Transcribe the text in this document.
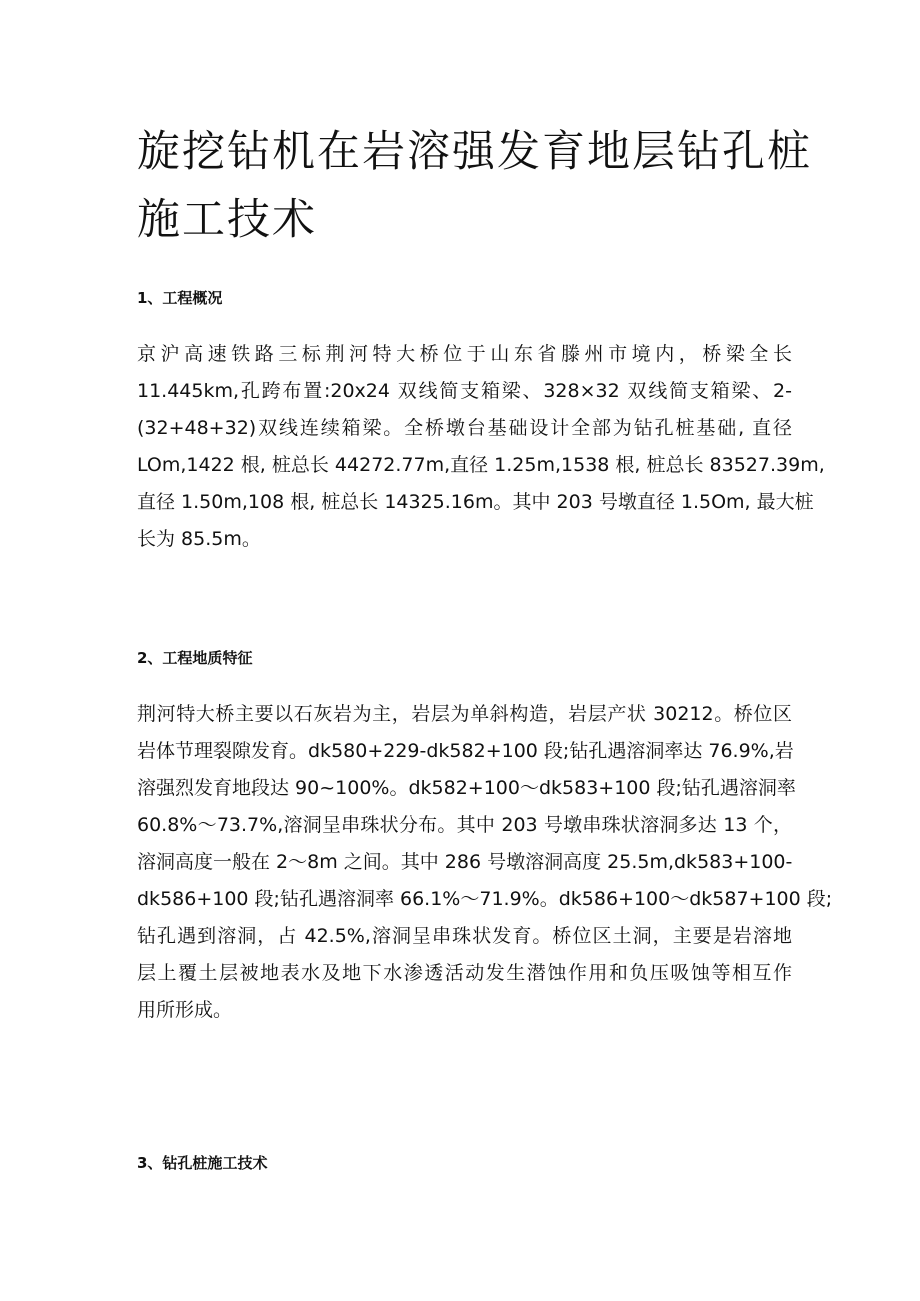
旋挖钻机在岩溶强发育地层钻孔桩
施工技术
1、工程概况

京沪高速铁路三标荆河特大桥位于山东省滕州市境内，桥梁全长
11.445km,孔跨布置:20x24 双线简支箱梁、328×32 双线简支箱梁、2-
(32+48+32)双线连续箱梁。全桥墩台基础设计全部为钻孔桩基础, 直径
LOm,1422 根, 桩总长 44272.77m,直径 1.25m,1538 根, 桩总长 83527.39m,
直径 1.50m,108 根, 桩总长 14325.16m。其中 203 号墩直径 1.5Om, 最大桩
长为 85.5m。

2、工程地质特征

荆河特大桥主要以石灰岩为主，岩层为单斜构造，岩层产状 30212。桥位区
岩体节理裂隙发育。dk580+229-dk582+100 段;钻孔遇溶洞率达 76.9%,岩
溶强烈发育地段达 90~100%。dk582+100～dk583+100 段;钻孔遇溶洞率
60.8%～73.7%,溶洞呈串珠状分布。其中 203 号墩串珠状溶洞多达 13 个，
溶洞高度一般在 2～8m 之间。其中 286 号墩溶洞高度 25.5m,dk583+100-
dk586+100 段;钻孔遇溶洞率 66.1%～71.9%。dk586+100～dk587+100 段;
钻孔遇到溶洞，占 42.5%,溶洞呈串珠状发育。桥位区土洞，主要是岩溶地
层上覆土层被地表水及地下水渗透活动发生潜蚀作用和负压吸蚀等相互作
用所形成。

3、钻孔桩施工技术
